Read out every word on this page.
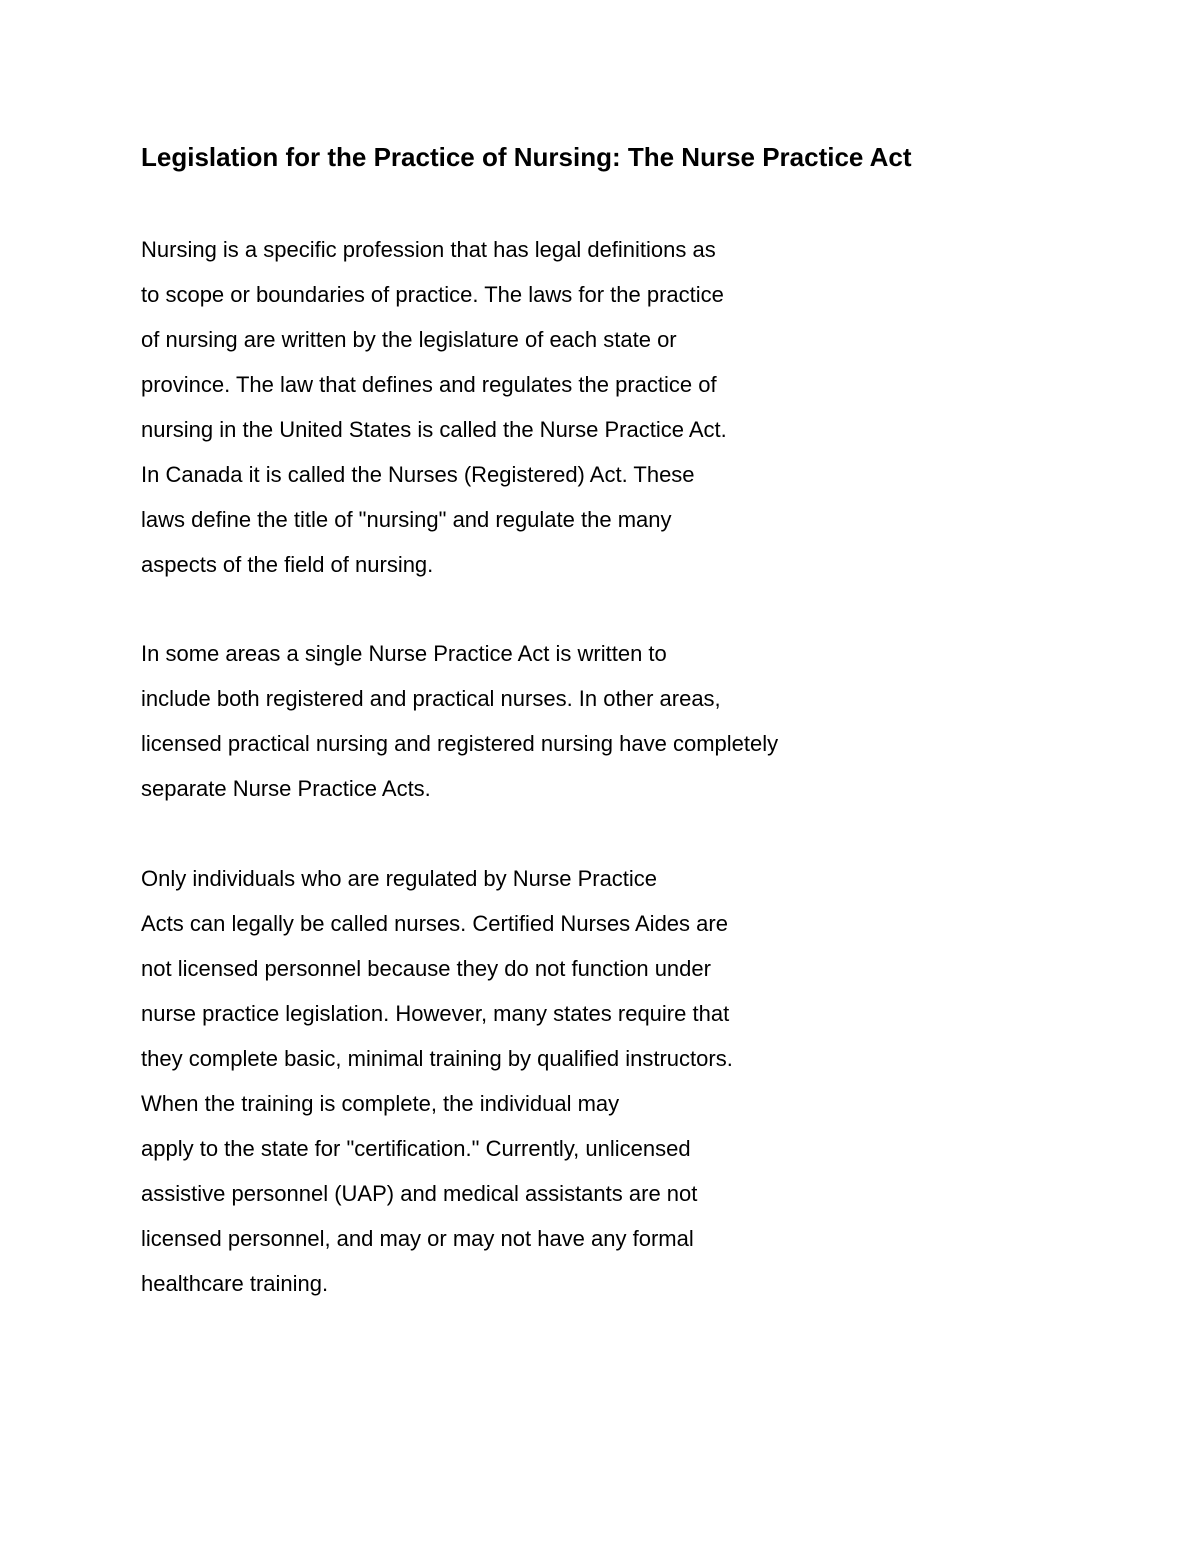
Legislation for the Practice of Nursing: The Nurse Practice Act
Nursing is a specific profession that has legal definitions as
to scope or boundaries of practice. The laws for the practice
of nursing are written by the legislature of each state or
province. The law that defines and regulates the practice of
nursing in the United States is called the Nurse Practice Act.
In Canada it is called the Nurses (Registered) Act. These
laws define the title of "nursing" and regulate the many
aspects of the field of nursing.
In some areas a single Nurse Practice Act is written to
include both registered and practical nurses. In other areas,
licensed practical nursing and registered nursing have completely
separate Nurse Practice Acts.
Only individuals who are regulated by Nurse Practice
Acts can legally be called nurses. Certified Nurses Aides are
not licensed personnel because they do not function under
nurse practice legislation. However, many states require that
they complete basic, minimal training by qualified instructors.
When the training is complete, the individual may
apply to the state for "certification." Currently, unlicensed
assistive personnel (UAP) and medical assistants are not
licensed personnel, and may or may not have any formal
healthcare training.
